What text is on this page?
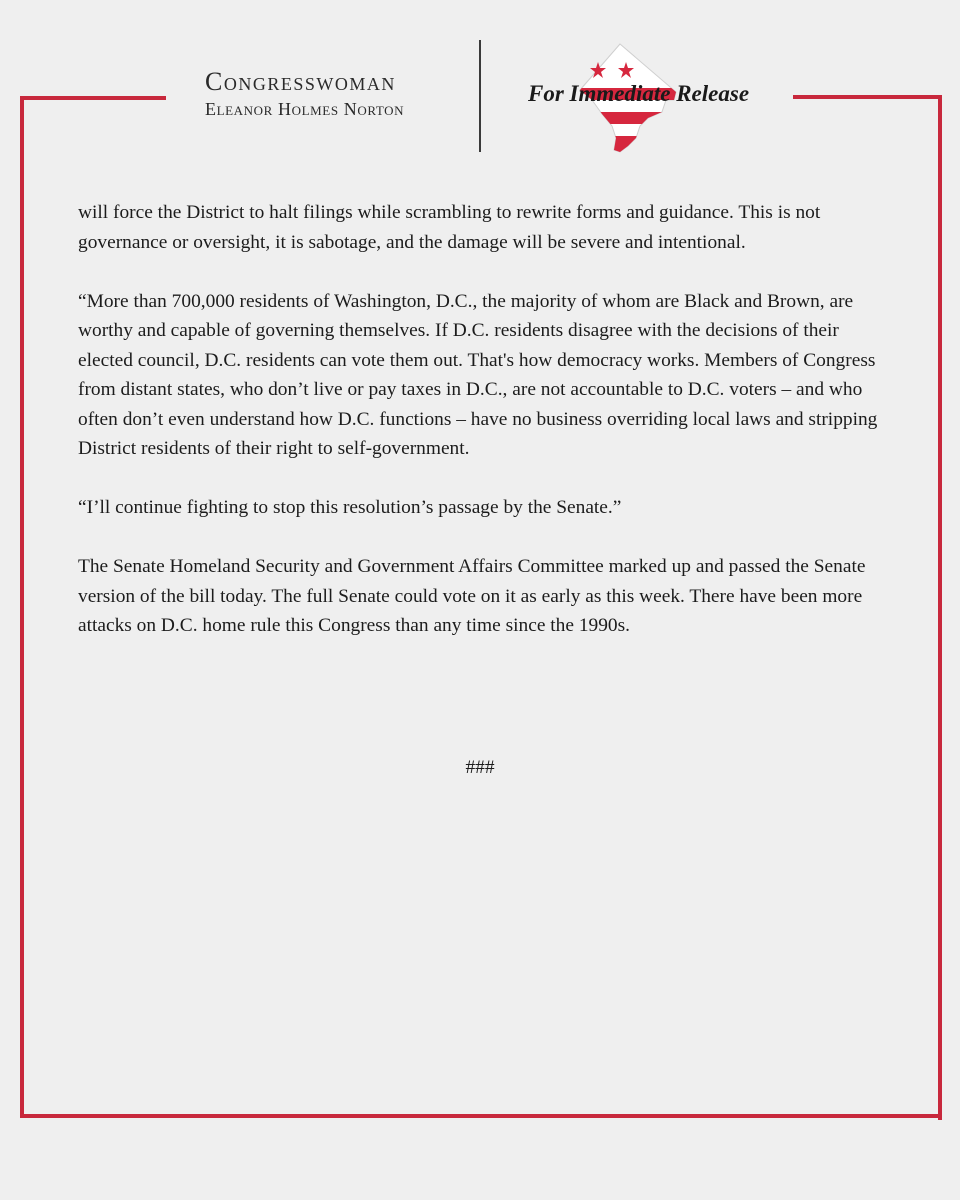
Congresswoman
Eleanor Holmes Norton
For Immediate Release

will force the District to halt filings while scrambling to rewrite forms and guidance. This is not governance or oversight, it is sabotage, and the damage will be severe and intentional.

“More than 700,000 residents of Washington, D.C., the majority of whom are Black and Brown, are worthy and capable of governing themselves. If D.C. residents disagree with the decisions of their elected council, D.C. residents can vote them out. That's how democracy works. Members of Congress from distant states, who don’t live or pay taxes in D.C., are not accountable to D.C. voters – and who often don’t even understand how D.C. functions – have no business overriding local laws and stripping District residents of their right to self-government.

“I’ll continue fighting to stop this resolution’s passage by the Senate.”

The Senate Homeland Security and Government Affairs Committee marked up and passed the Senate version of the bill today. The full Senate could vote on it as early as this week. There have been more attacks on D.C. home rule this Congress than any time since the 1990s.

###
